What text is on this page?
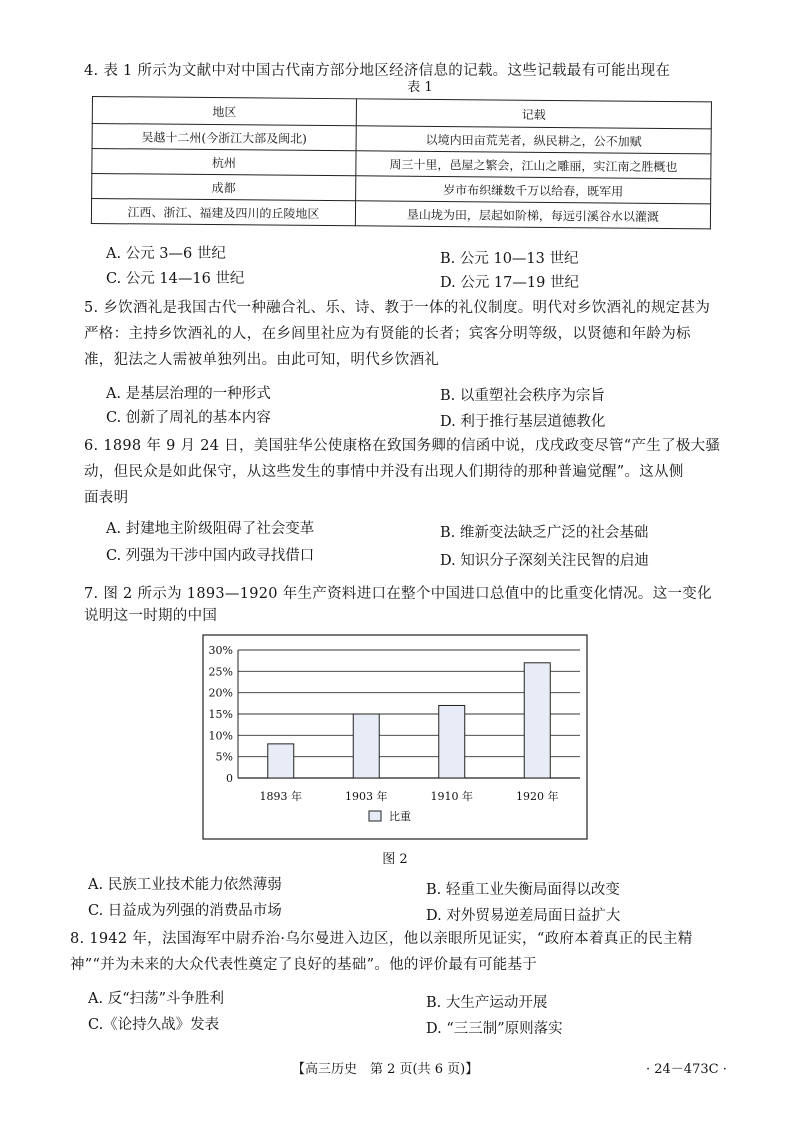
4. 表 1 所示为文献中对中国古代南方部分地区经济信息的记载。这些记载最有可能出现在
表 1
地区	记载
吴越十二州(今浙江大部及闽北)	以境内田亩荒芜者，纵民耕之，公不加赋
杭州	周三十里，邑屋之繁会，江山之雕丽，实江南之胜概也
成都	岁市布织缣数千万以给春，既军用
江西、浙江、福建及四川的丘陵地区	垦山垅为田，层起如阶梯，每远引溪谷水以灌溉
A. 公元 3—6 世纪	B. 公元 10—13 世纪
C. 公元 14—16 世纪	D. 公元 17—19 世纪
5. 乡饮酒礼是我国古代一种融合礼、乐、诗、教于一体的礼仪制度。明代对乡饮酒礼的规定甚为
严格：主持乡饮酒礼的人，在乡闾里社应为有贤能的长者；宾客分明等级，以贤德和年龄为标
准，犯法之人需被单独列出。由此可知，明代乡饮酒礼
A. 是基层治理的一种形式	B. 以重塑社会秩序为宗旨
C. 创新了周礼的基本内容	D. 利于推行基层道德教化
6. 1898 年 9 月 24 日，美国驻华公使康格在致国务卿的信函中说，戊戌政变尽管“产生了极大骚
动，但民众是如此保守，从这些发生的事情中并没有出现人们期待的那种普遍觉醒”。这从侧
面表明
A. 封建地主阶级阻碍了社会变革	B. 维新变法缺乏广泛的社会基础
C. 列强为干涉中国内政寻找借口	D. 知识分子深刻关注民智的启迪
7. 图 2 所示为 1893—1920 年生产资料进口在整个中国进口总值中的比重变化情况。这一变化
说明这一时期的中国
0
5%
10%
15%
20%
25%
30%
1893 年	1903 年	1910 年	1920 年
比重
图 2
A. 民族工业技术能力依然薄弱	B. 轻重工业失衡局面得以改变
C. 日益成为列强的消费品市场	D. 对外贸易逆差局面日益扩大
8. 1942 年，法国海军中尉乔治·乌尔曼进入边区，他以亲眼所见证实，“政府本着真正的民主精
神”“并为未来的大众代表性奠定了良好的基础”。他的评价最有可能基于
A. 反“扫荡”斗争胜利	B. 大生产运动开展
C.《论持久战》发表	D. “三三制”原则落实
【高三历史　第 2 页(共 6 页)】	· 24－473C ·
